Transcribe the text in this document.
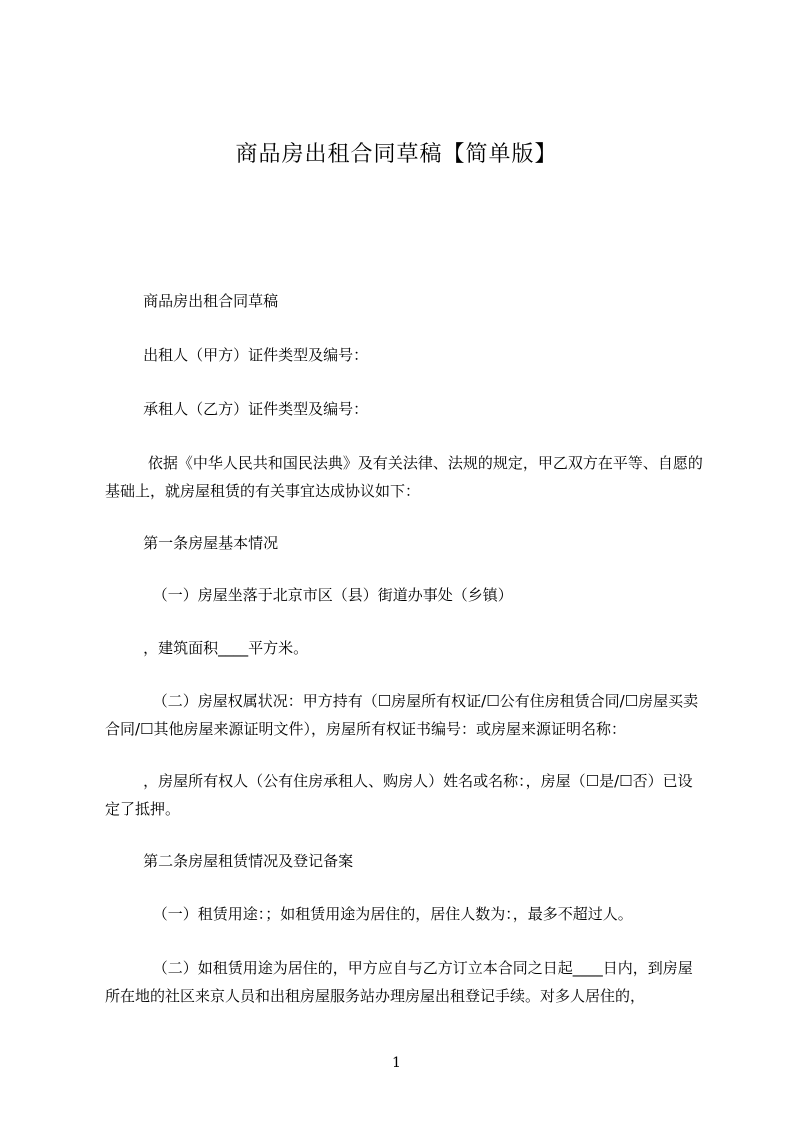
商品房出租合同草稿【简单版】
商品房出租合同草稿
出租人（甲方）证件类型及编号：
承租人（乙方）证件类型及编号：
依据《中华人民共和国民法典》及有关法律、法规的规定，甲乙双方在平等、自愿的基础上，就房屋租赁的有关事宜达成协议如下：
第一条房屋基本情况
（一）房屋坐落于北京市区（县）街道办事处（乡镇）
，建筑面积____平方米。
（二）房屋权属状况：甲方持有（☐房屋所有权证/☐公有住房租赁合同/☐房屋买卖合同/☐其他房屋来源证明文件），房屋所有权证书编号：或房屋来源证明名称：
，房屋所有权人（公有住房承租人、购房人）姓名或名称：，房屋（☐是/☐否）已设定了抵押。
第二条房屋租赁情况及登记备案
（一）租赁用途：；如租赁用途为居住的，居住人数为：，最多不超过人。
（二）如租赁用途为居住的，甲方应自与乙方订立本合同之日起____日内，到房屋所在地的社区来京人员和出租房屋服务站办理房屋出租登记手续。对多人居住的，
1
